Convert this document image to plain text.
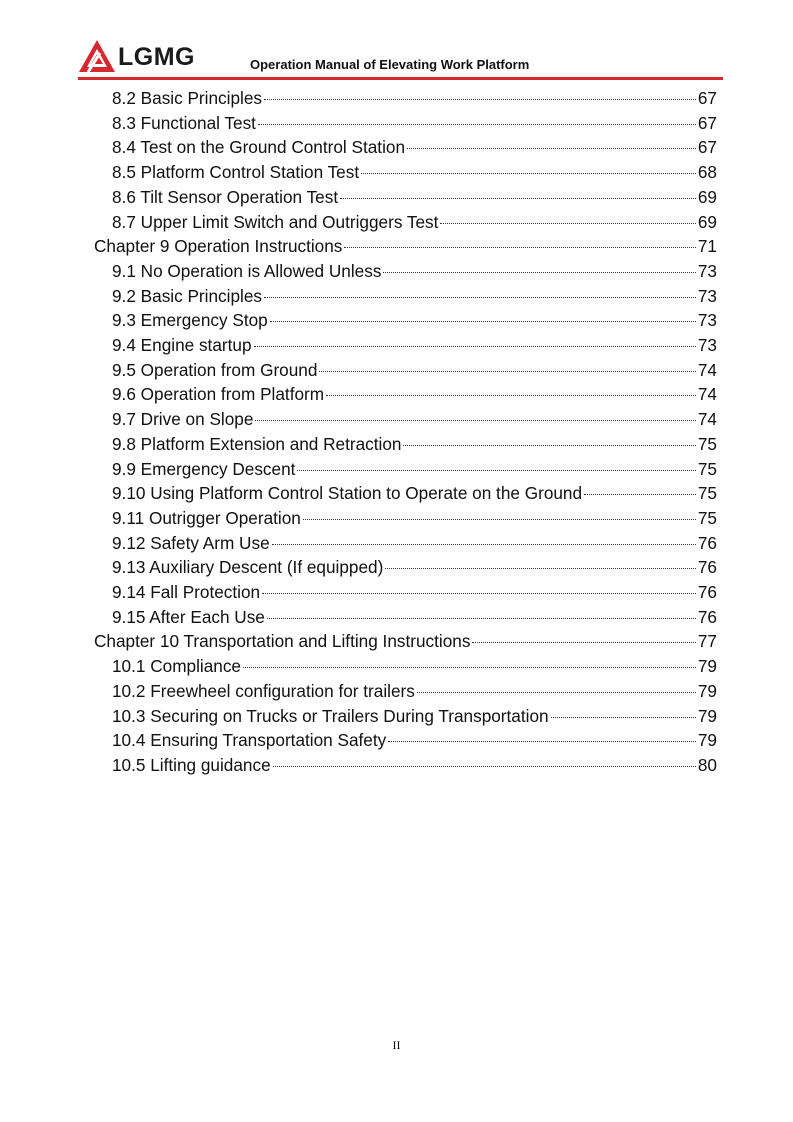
LGMG	Operation Manual of Elevating Work Platform
8.2 Basic Principles	67
8.3 Functional Test	67
8.4 Test on the Ground Control Station	67
8.5 Platform Control Station Test	68
8.6 Tilt Sensor Operation Test	69
8.7 Upper Limit Switch and Outriggers Test	69
Chapter 9 Operation Instructions	71
9.1 No Operation is Allowed Unless	73
9.2 Basic Principles	73
9.3 Emergency Stop	73
9.4 Engine startup	73
9.5 Operation from Ground	74
9.6 Operation from Platform	74
9.7 Drive on Slope	74
9.8 Platform Extension and Retraction	75
9.9 Emergency Descent	75
9.10 Using Platform Control Station to Operate on the Ground	75
9.11 Outrigger Operation	75
9.12 Safety Arm Use	76
9.13 Auxiliary Descent (If equipped)	76
9.14 Fall Protection	76
9.15 After Each Use	76
Chapter 10 Transportation and Lifting Instructions	77
10.1 Compliance	79
10.2 Freewheel configuration for trailers	79
10.3 Securing on Trucks or Trailers During Transportation	79
10.4 Ensuring Transportation Safety	79
10.5 Lifting guidance	80
II
